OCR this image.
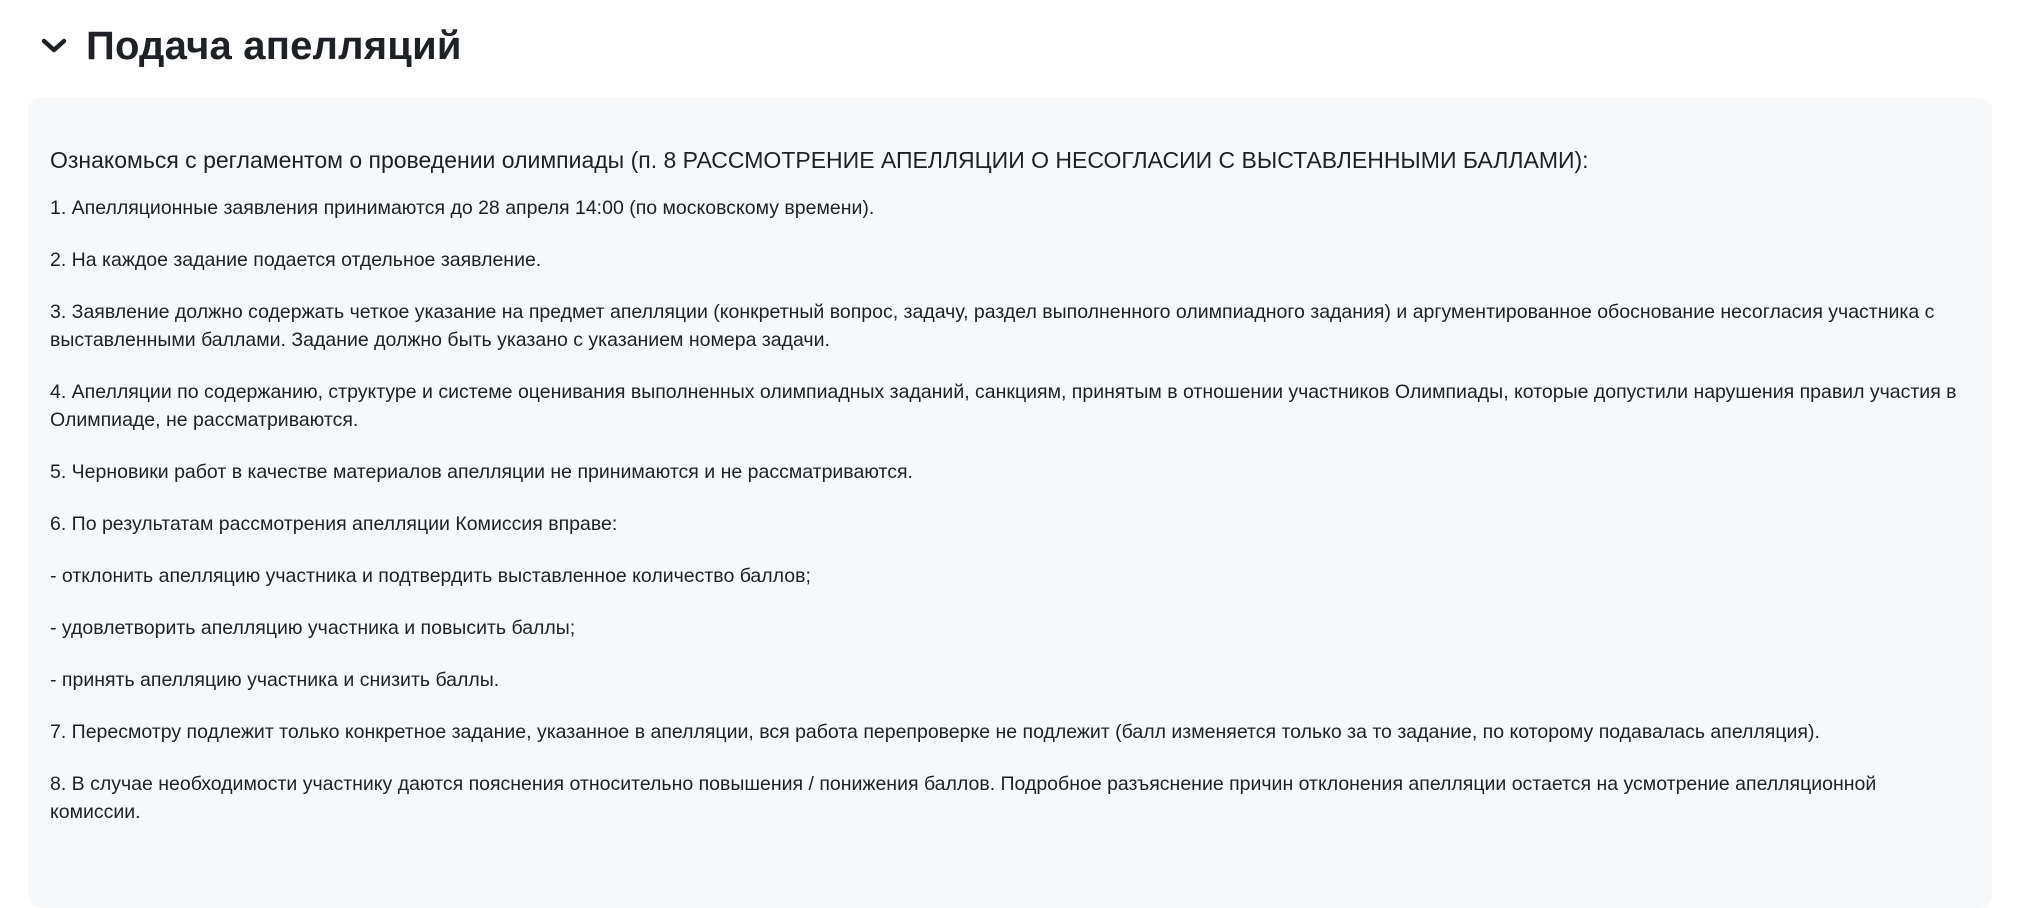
Подача апелляций

Ознакомься с регламентом о проведении олимпиады (п. 8 РАССМОТРЕНИЕ АПЕЛЛЯЦИИ О НЕСОГЛАСИИ С ВЫСТАВЛЕННЫМИ БАЛЛАМИ):

1. Апелляционные заявления принимаются до 28 апреля 14:00 (по московскому времени).

2. На каждое задание подается отдельное заявление.

3. Заявление должно содержать четкое указание на предмет апелляции (конкретный вопрос, задачу, раздел выполненного олимпиадного задания) и аргументированное обоснование несогласия участника с выставленными баллами. Задание должно быть указано с указанием номера задачи.

4. Апелляции по содержанию, структуре и системе оценивания выполненных олимпиадных заданий, санкциям, принятым в отношении участников Олимпиады, которые допустили нарушения правил участия в Олимпиаде, не рассматриваются.

5. Черновики работ в качестве материалов апелляции не принимаются и не рассматриваются.

6. По результатам рассмотрения апелляции Комиссия вправе:

- отклонить апелляцию участника и подтвердить выставленное количество баллов;

- удовлетворить апелляцию участника и повысить баллы;

- принять апелляцию участника и снизить баллы.

7. Пересмотру подлежит только конкретное задание, указанное в апелляции, вся работа перепроверке не подлежит (балл изменяется только за то задание, по которому подавалась апелляция).

8. В случае необходимости участнику даются пояснения относительно повышения / понижения баллов. Подробное разъяснение причин отклонения апелляции остается на усмотрение апелляционной комиссии.
